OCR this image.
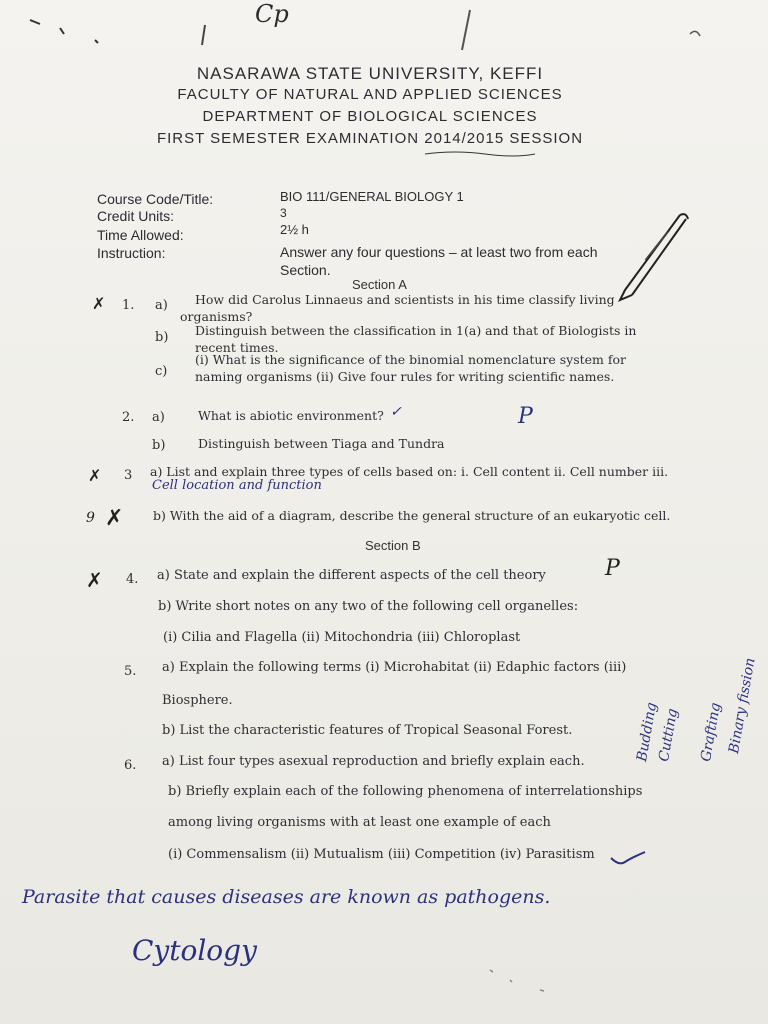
Cp
NASARAWA STATE UNIVERSITY, KEFFI
FACULTY OF NATURAL AND APPLIED SCIENCES
DEPARTMENT OF BIOLOGICAL SCIENCES
FIRST SEMESTER EXAMINATION 2014/2015 SESSION
Course Code/Title:	BIO 111/GENERAL BIOLOGY 1
Credit Units:	3
Time Allowed:	2½ h
Instruction:	Answer any four questions – at least two from each
Section.
Section A
✗ 1. a) How did Carolus Linnaeus and scientists in his time classify living
organisms?
b) Distinguish between the classification in 1(a) and that of Biologists in
recent times.
c)
(i) What is the significance of the binomial nomenclature system for
naming organisms (ii) Give four rules for writing scientific names.
2. a)	What is abiotic environment? ✓	P
b)	Distinguish between Tiaga and Tundra
✗ 3 a) List and explain three types of cells based on: i. Cell content ii. Cell number iii.
Cell location and function
9 ✗ b) With the aid of a diagram, describe the general structure of an eukaryotic cell.
Section B
✗ 4. a) State and explain the different aspects of the cell theory	P
b) Write short notes on any two of the following cell organelles:
(i) Cilia and Flagella (ii) Mitochondria (iii) Chloroplast
5. a) Explain the following terms (i) Microhabitat (ii) Edaphic factors (iii)
Biosphere.
b) List the characteristic features of Tropical Seasonal Forest.
6. a) List four types asexual reproduction and briefly explain each.
b) Briefly explain each of the following phenomena of interrelationships
among living organisms with at least one example of each
(i) Commensalism (ii) Mutualism (iii) Competition (iv) Parasitism
Budding
Cutting Grafting Binary fission
Parasite that causes diseases are known as pathogens.
Cytology
